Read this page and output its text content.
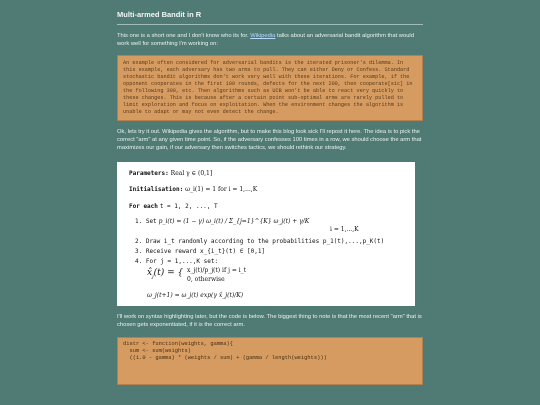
Multi-armed Bandit in R

This one is a short one and I don't know who its for. Wikipedia talks about an adversarial bandit algorithm that would work well for something I'm working on:

An example often considered for adversarial bandits is the iterated prisoner's dilemma. In this example, each adversary has two arms to pull. They can either Deny or Confess. Standard stochastic bandit algorithms don't work very well with these iterations. For example, if the opponent cooperates in the first 100 rounds, defects for the next 200, then cooperate[sic] in the following 300, etc. Then algorithms such as UCB won't be able to react very quickly to these changes. This is because after a certain point sub-optimal arms are rarely pulled to limit exploration and focus on exploitation. When the environment changes the algorithm is unable to adapt or may not even detect the change.

Ok, lets try it out. Wikipedia gives the algorithm, but to make this blog look sick I'll repost it here. The idea is to pick the correct "arm" at any given time point. So, if the adversary confesses 100 times in a row, we should choose the arm that maximizes our gain, if our adversary then switches tactics, we should rethink our strategy.

Parameters: Real γ ∈ (0,1]
Initialisation: ω_i(1) = 1 for i = 1,...,K
For each t = 1, 2, ..., T
1. Set p_i(t) = (1 − γ) ω_i(t) / Σ_{j=1}^{K} ω_j(t) + γ/K
i = 1,...,K
2. Draw i_t randomly according to the probabilities p_1(t),...,p_K(t)
3. Receive reward x_{i_t}(t) ∈ [0,1]
4. For j = 1,...,K set:
$x̂_j(t)$ = { x_j(t)/p_j(t) if j = i_t
0, otherwise
ω_j(t+1) = ω_j(t) exp(γ x̂_j(t)/K)

I'll work on syntax highlighting later, but the code is below. The biggest thing to note is that the most recent "arm" that is chosen gets exponentiated, if it is the correct arm.

distr <- function(weights, gamma){
sum <- sum(weights)
((1.0 - gamma) * (weights / sum) + (gamma / length(weights)))
